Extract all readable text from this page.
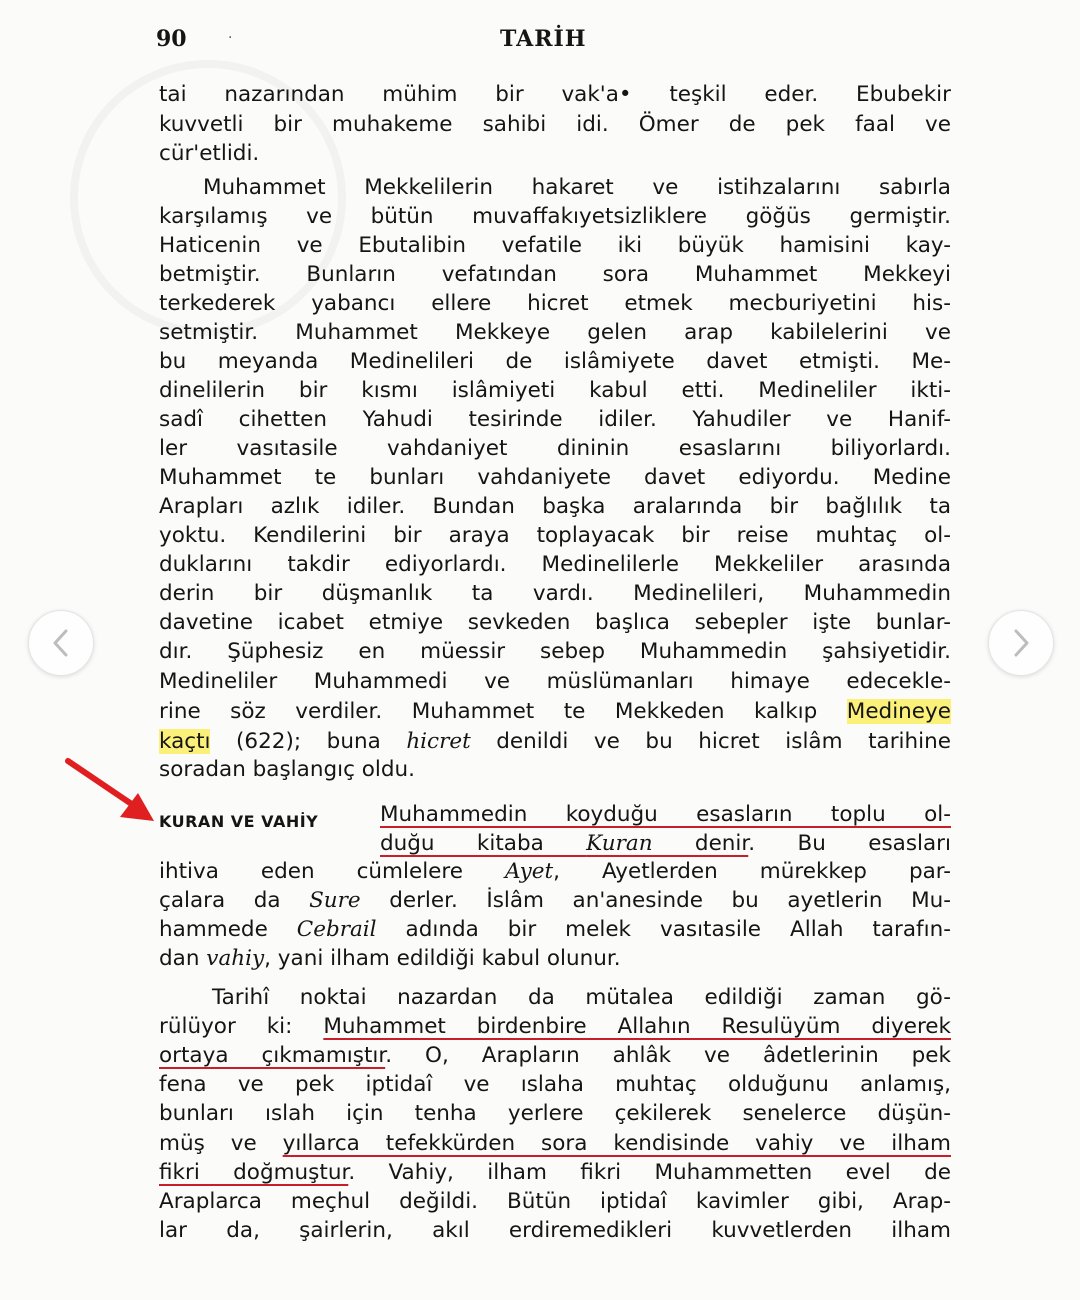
90	·	TARİH
tai nazarından mühim bir vak'a• teşkil eder. Ebubekir
kuvvetli bir muhakeme sahibi idi. Ömer de pek faal ve
cür'etlidi.
Muhammet Mekkelilerin hakaret ve istihzalarını sabırla
karşılamış ve bütün muvaffakıyetsizliklere göğüs germiştir.
Haticenin ve Ebutalibin vefatile iki büyük hamisini kay-
betmiştir. Bunların vefatından sora Muhammet Mekkeyi
terkederek yabancı ellere hicret etmek mecburiyetini his-
setmiştir. Muhammet Mekkeye gelen arap kabilelerini ve
bu meyanda Medinelileri de islâmiyete davet etmişti. Me-
dinelilerin bir kısmı islâmiyeti kabul etti. Medineliler ikti-
sadî cihetten Yahudi tesirinde idiler. Yahudiler ve Hanif-
ler vasıtasile vahdaniyet dininin esaslarını biliyorlardı.
Muhammet te bunları vahdaniyete davet ediyordu. Medine
Arapları azlık idiler. Bundan başka aralarında bir bağlılık ta
yoktu. Kendilerini bir araya toplayacak bir reise muhtaç ol-
duklarını takdir ediyorlardı. Medinelilerle Mekkeliler arasında
derin bir düşmanlık ta vardı. Medinelileri, Muhammedin
davetine icabet etmiye sevkeden başlıca sebepler işte bunlar-
dır. Şüphesiz en müessir sebep Muhammedin şahsiyetidir.
Medineliler Muhammedi ve müslümanları himaye edecekle-
rine söz verdiler. Muhammet te Mekkeden kalkıp Medineye
kaçtı (622); buna hicret denildi ve bu hicret islâm tarihine
soradan başlangıç oldu.
KURAN VE VAHİY	Muhammedin koyduğu esasların toplu ol-
duğu kitaba Kuran denir. Bu esasları
ihtiva eden cümlelere Ayet, Ayetlerden mürekkep par-
çalara da Sure derler. İslâm an'anesinde bu ayetlerin Mu-
hammede Cebrail adında bir melek vasıtasile Allah tarafın-
dan vahiy, yani ilham edildiği kabul olunur.
Tarihî noktai nazardan da mütalea edildiği zaman gö-
rülüyor ki: Muhammet birdenbire Allahın Resulüyüm diyerek
ortaya çıkmamıştır. O, Arapların ahlâk ve âdetlerinin pek
fena ve pek iptidaî ve ıslaha muhtaç olduğunu anlamış,
bunları ıslah için tenha yerlere çekilerek senelerce düşün-
müş ve yıllarca tefekkürden sora kendisinde vahiy ve ilham
fikri doğmuştur. Vahiy, ilham fikri Muhammetten evel de
Araplarca meçhul değildi. Bütün iptidaî kavimler gibi, Arap-
lar da, şairlerin, akıl erdiremedikleri kuvvetlerden ilham
